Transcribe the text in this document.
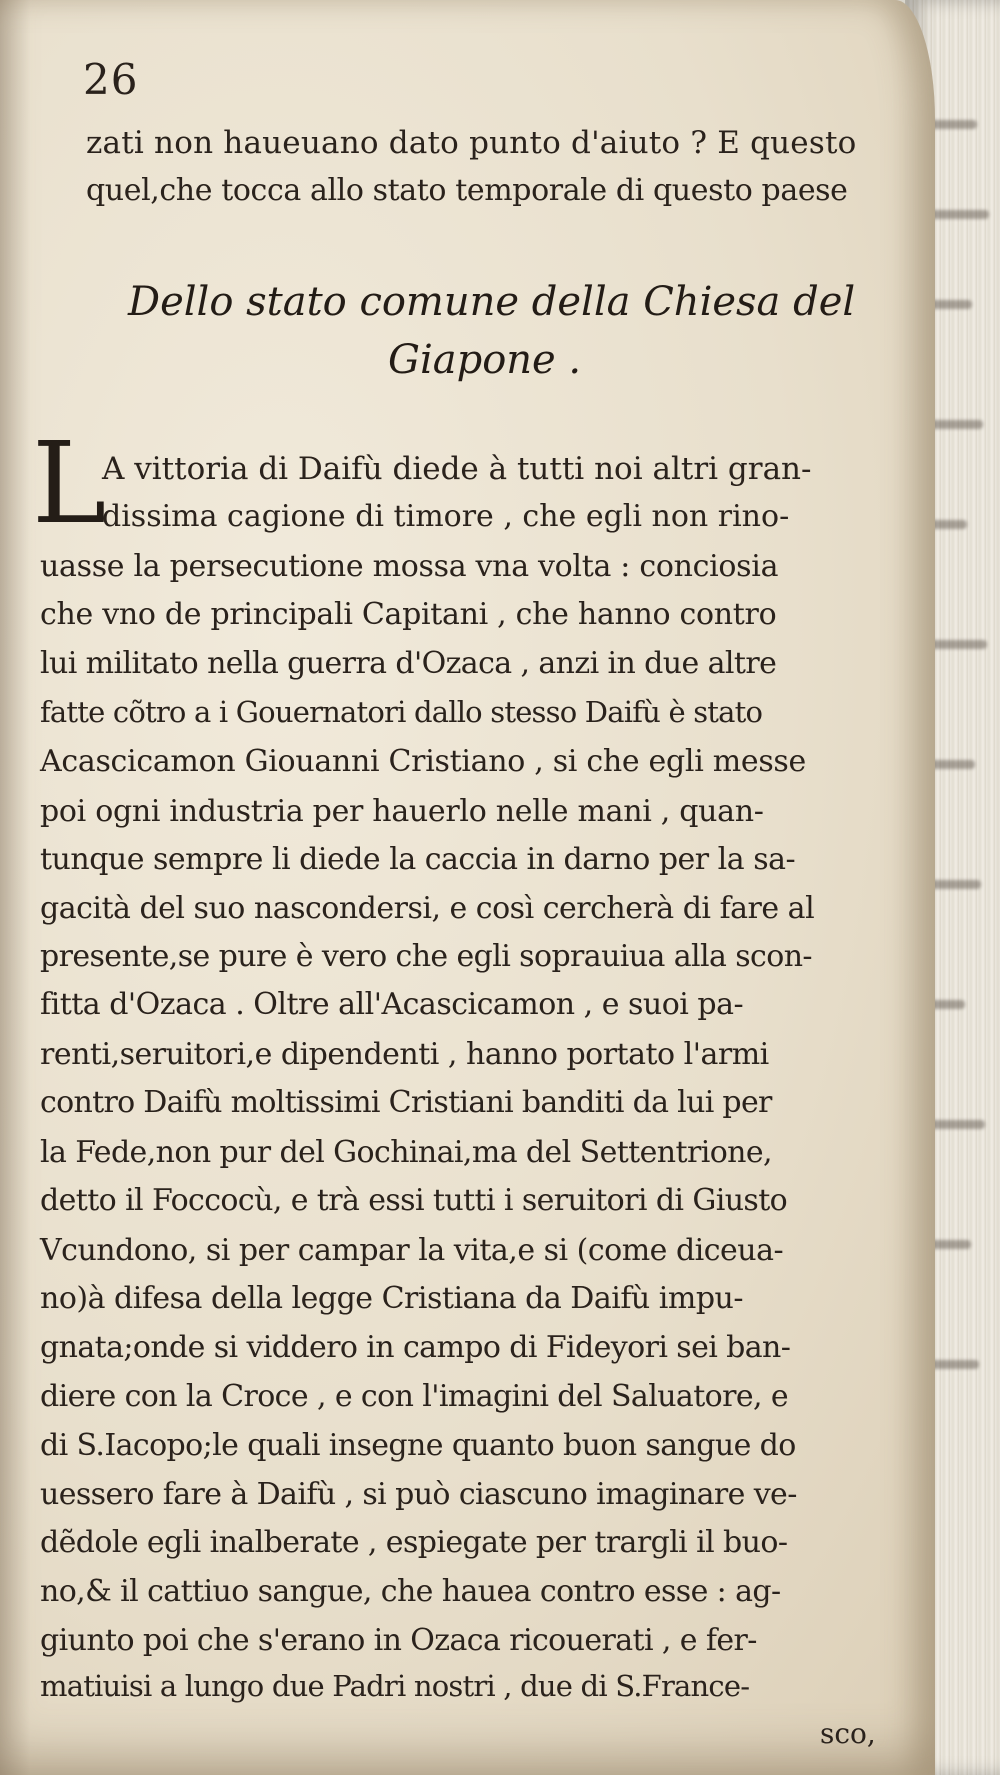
26
zati non haueuano dato punto d'aiuto ? E questo
quel,che tocca allo stato temporale di questo paese
Dello stato comune della Chiesa del
Giapone .
L
A vittoria di Daifù diede à tutti noi altri gran-
dissima cagione di timore , che egli non rino-
uasse la persecutione mossa vna volta : conciosia
che vno de principali Capitani , che hanno contro
lui militato nella guerra d'Ozaca , anzi in due altre
fatte cõtro a i Gouernatori dallo stesso Daifù è stato
Acascicamon Giouanni Cristiano , si che egli messe
poi ogni industria per hauerlo nelle mani , quan-
tunque sempre li diede la caccia in darno per la sa-
gacità del suo nascondersi, e così cercherà di fare al
presente,se pure è vero che egli soprauiua alla scon-
fitta d'Ozaca . Oltre all'Acascicamon , e suoi pa-
renti,seruitori,e dipendenti , hanno portato l'armi
contro Daifù moltissimi Cristiani banditi da lui per
la Fede,non pur del Gochinai,ma del Settentrione,
detto il Foccocù, e trà essi tutti i seruitori di Giusto
Vcundono, si per campar la vita,e si (come diceua-
no)à difesa della legge Cristiana da Daifù impu-
gnata;onde si viddero in campo di Fideyori sei ban-
diere con la Croce , e con l'imagini del Saluatore, e
di S.Iacopo;le quali insegne quanto buon sangue do
uessero fare à Daifù , si può ciascuno imaginare ve-
dẽdole egli inalberate , espiegate per trargli il buo-
no,& il cattiuo sangue, che hauea contro esse : ag-
giunto poi che s'erano in Ozaca ricouerati , e fer-
matiuisi a lungo due Padri nostri , due di S.France-
sco,
